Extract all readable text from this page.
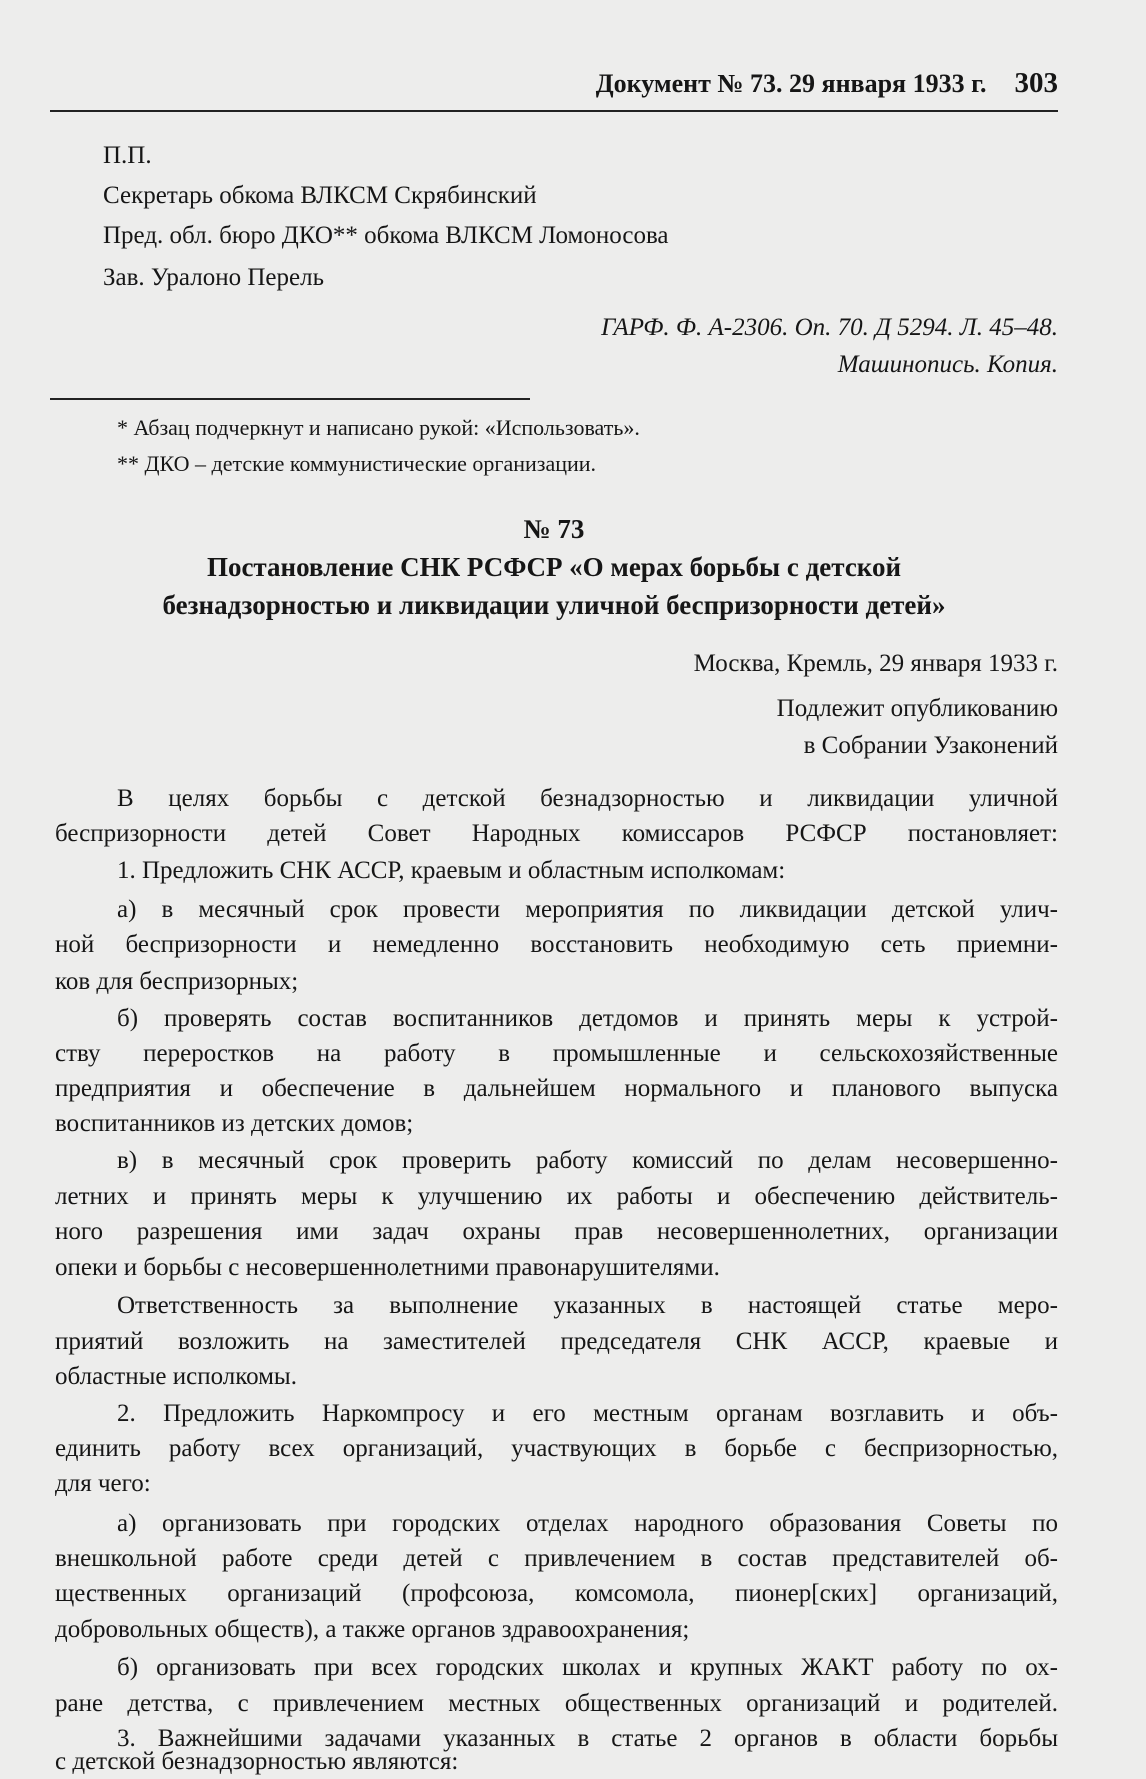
Документ № 73. 29 января 1933 г. 303
П.П.
Секретарь обкома ВЛКСМ Скрябинский
Пред. обл. бюро ДКО** обкома ВЛКСМ Ломоносова
Зав. Уралоно Перель
ГАРФ. Ф. А-2306. Оп. 70. Д 5294. Л. 45–48.
Машинопись. Копия.
* Абзац подчеркнут и написано рукой: «Использовать».
** ДКО – детские коммунистические организации.
№ 73
Постановление СНК РСФСР «О мерах борьбы с детской
безнадзорностью и ликвидации уличной беспризорности детей»
Москва, Кремль, 29 января 1933 г.
Подлежит опубликованию
в Собрании Узаконений
В целях борьбы с детской безнадзорностью и ликвидации уличной
беспризорности детей Совет Народных комиссаров РСФСР постановляет:
1. Предложить СНК АССР, краевым и областным исполкомам:
а) в месячный срок провести мероприятия по ликвидации детской улич-
ной беспризорности и немедленно восстановить необходимую сеть приемни-
ков для беспризорных;
б) проверять состав воспитанников детдомов и принять меры к устрой-
ству переростков на работу в промышленные и сельскохозяйственные
предприятия и обеспечение в дальнейшем нормального и планового выпуска
воспитанников из детских домов;
в) в месячный срок проверить работу комиссий по делам несовершенно-
летних и принять меры к улучшению их работы и обеспечению действитель-
ного разрешения ими задач охраны прав несовершеннолетних, организации
опеки и борьбы с несовершеннолетними правонарушителями.
Ответственность за выполнение указанных в настоящей статье меро-
приятий возложить на заместителей председателя СНК АССР, краевые и
областные исполкомы.
2. Предложить Наркомпросу и его местным органам возглавить и объ-
единить работу всех организаций, участвующих в борьбе с беспризорностью,
для чего:
а) организовать при городских отделах народного образования Советы по
внешкольной работе среди детей с привлечением в состав представителей об-
щественных организаций (профсоюза, комсомола, пионер[ских] организаций,
добровольных обществ), а также органов здравоохранения;
б) организовать при всех городских школах и крупных ЖАКТ работу по ох-
ране детства, с привлечением местных общественных организаций и родителей.
3. Важнейшими задачами указанных в статье 2 органов в области борьбы
с детской безнадзорностью являются:
